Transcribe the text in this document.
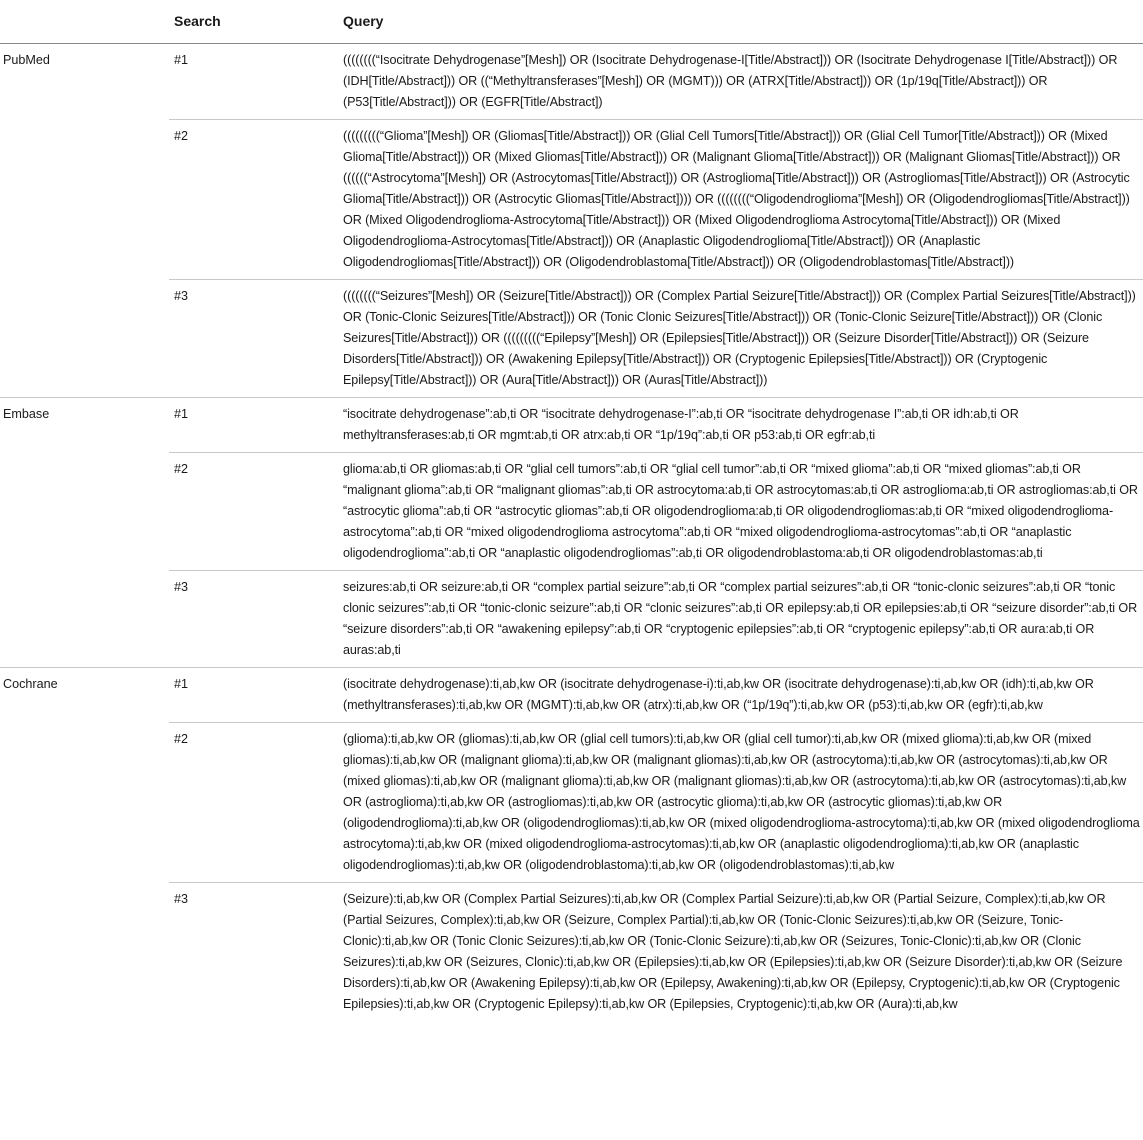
	Search	Query
PubMed	#1	((((((((“Isocitrate Dehydrogenase”[Mesh]) OR (Isocitrate Dehydrogenase-I[Title/Abstract])) OR (Isocitrate Dehydrogenase I[Title/Abstract])) OR (IDH[Title/Abstract])) OR ((“Methyltransferases”[Mesh]) OR (MGMT))) OR (ATRX[Title/Abstract])) OR (1p/19q[Title/Abstract])) OR (P53[Title/Abstract])) OR (EGFR[Title/Abstract])
	#2	(((((((((“Glioma”[Mesh]) OR (Gliomas[Title/Abstract])) OR (Glial Cell Tumors[Title/Abstract])) OR (Glial Cell Tumor[Title/Abstract])) OR (Mixed Glioma[Title/Abstract])) OR (Mixed Gliomas[Title/Abstract])) OR (Malignant Glioma[Title/Abstract])) OR (Malignant Gliomas[Title/Abstract])) OR ((((((“Astrocytoma”[Mesh]) OR (Astrocytomas[Title/Abstract])) OR (Astroglioma[Title/Abstract])) OR (Astrogliomas[Title/Abstract])) OR (Astrocytic Glioma[Title/Abstract])) OR (Astrocytic Gliomas[Title/Abstract]))) OR ((((((((“Oligodendroglioma”[Mesh]) OR (Oligodendrogliomas[Title/Abstract])) OR (Mixed Oligodendroglioma-Astrocytoma[Title/Abstract])) OR (Mixed Oligodendroglioma Astrocytoma[Title/Abstract])) OR (Mixed Oligodendroglioma-Astrocytomas[Title/Abstract])) OR (Anaplastic Oligodendroglioma[Title/Abstract])) OR (Anaplastic Oligodendrogliomas[Title/Abstract])) OR (Oligodendroblastoma[Title/Abstract])) OR (Oligodendroblastomas[Title/Abstract]))
	#3	((((((((“Seizures”[Mesh]) OR (Seizure[Title/Abstract])) OR (Complex Partial Seizure[Title/Abstract])) OR (Complex Partial Seizures[Title/Abstract])) OR (Tonic-Clonic Seizures[Title/Abstract])) OR (Tonic Clonic Seizures[Title/Abstract])) OR (Tonic-Clonic Seizure[Title/Abstract])) OR (Clonic Seizures[Title/Abstract])) OR (((((((((“Epilepsy”[Mesh]) OR (Epilepsies[Title/Abstract])) OR (Seizure Disorder[Title/Abstract])) OR (Seizure Disorders[Title/Abstract])) OR (Awakening Epilepsy[Title/Abstract])) OR (Cryptogenic Epilepsies[Title/Abstract])) OR (Cryptogenic Epilepsy[Title/Abstract])) OR (Aura[Title/Abstract])) OR (Auras[Title/Abstract]))
Embase	#1	“isocitrate dehydrogenase”:ab,ti OR “isocitrate dehydrogenase-I”:ab,ti OR “isocitrate dehydrogenase I”:ab,ti OR idh:ab,ti OR methyltransferases:ab,ti OR mgmt:ab,ti OR atrx:ab,ti OR “1p/19q”:ab,ti OR p53:ab,ti OR egfr:ab,ti
	#2	glioma:ab,ti OR gliomas:ab,ti OR “glial cell tumors”:ab,ti OR “glial cell tumor”:ab,ti OR “mixed glioma”:ab,ti OR “mixed gliomas”:ab,ti OR “malignant glioma”:ab,ti OR “malignant gliomas”:ab,ti OR astrocytoma:ab,ti OR astrocytomas:ab,ti OR astroglioma:ab,ti OR astrogliomas:ab,ti OR “astrocytic glioma”:ab,ti OR “astrocytic gliomas”:ab,ti OR oligodendroglioma:ab,ti OR oligodendrogliomas:ab,ti OR “mixed oligodendroglioma-astrocytoma”:ab,ti OR “mixed oligodendroglioma astrocytoma”:ab,ti OR “mixed oligodendroglioma-astrocytomas”:ab,ti OR “anaplastic oligodendroglioma”:ab,ti OR “anaplastic oligodendrogliomas”:ab,ti OR oligodendroblastoma:ab,ti OR oligodendroblastomas:ab,ti
	#3	seizures:ab,ti OR seizure:ab,ti OR “complex partial seizure”:ab,ti OR “complex partial seizures”:ab,ti OR “tonic-clonic seizures”:ab,ti OR “tonic clonic seizures”:ab,ti OR “tonic-clonic seizure”:ab,ti OR “clonic seizures”:ab,ti OR epilepsy:ab,ti OR epilepsies:ab,ti OR “seizure disorder”:ab,ti OR “seizure disorders”:ab,ti OR “awakening epilepsy”:ab,ti OR “cryptogenic epilepsies”:ab,ti OR “cryptogenic epilepsy”:ab,ti OR aura:ab,ti OR auras:ab,ti
Cochrane	#1	(isocitrate dehydrogenase):ti,ab,kw OR (isocitrate dehydrogenase-i):ti,ab,kw OR (isocitrate dehydrogenase):ti,ab,kw OR (idh):ti,ab,kw OR (methyltransferases):ti,ab,kw OR (MGMT):ti,ab,kw OR (atrx):ti,ab,kw OR (“1p/19q”):ti,ab,kw OR (p53):ti,ab,kw OR (egfr):ti,ab,kw
	#2	(glioma):ti,ab,kw OR (gliomas):ti,ab,kw OR (glial cell tumors):ti,ab,kw OR (glial cell tumor):ti,ab,kw OR (mixed glioma):ti,ab,kw OR (mixed gliomas):ti,ab,kw OR (malignant glioma):ti,ab,kw OR (malignant gliomas):ti,ab,kw OR (astrocytoma):ti,ab,kw OR (astrocytomas):ti,ab,kw OR (mixed gliomas):ti,ab,kw OR (malignant glioma):ti,ab,kw OR (malignant gliomas):ti,ab,kw OR (astrocytoma):ti,ab,kw OR (astrocytomas):ti,ab,kw OR (astroglioma):ti,ab,kw OR (astrogliomas):ti,ab,kw OR (astrocytic glioma):ti,ab,kw OR (astrocytic gliomas):ti,ab,kw OR (oligodendroglioma):ti,ab,kw OR (oligodendrogliomas):ti,ab,kw OR (mixed oligodendroglioma-astrocytoma):ti,ab,kw OR (mixed oligodendroglioma astrocytoma):ti,ab,kw OR (mixed oligodendroglioma-astrocytomas):ti,ab,kw OR (anaplastic oligodendroglioma):ti,ab,kw OR (anaplastic oligodendrogliomas):ti,ab,kw OR (oligodendroblastoma):ti,ab,kw OR (oligodendroblastomas):ti,ab,kw
	#3	(Seizure):ti,ab,kw OR (Complex Partial Seizures):ti,ab,kw OR (Complex Partial Seizure):ti,ab,kw OR (Partial Seizure, Complex):ti,ab,kw OR (Partial Seizures, Complex):ti,ab,kw OR (Seizure, Complex Partial):ti,ab,kw OR (Tonic-Clonic Seizures):ti,ab,kw OR (Seizure, Tonic-Clonic):ti,ab,kw OR (Tonic Clonic Seizures):ti,ab,kw OR (Tonic-Clonic Seizure):ti,ab,kw OR (Seizures, Tonic-Clonic):ti,ab,kw OR (Clonic Seizures):ti,ab,kw OR (Seizures, Clonic):ti,ab,kw OR (Epilepsies):ti,ab,kw OR (Epilepsies):ti,ab,kw OR (Seizure Disorder):ti,ab,kw OR (Seizure Disorders):ti,ab,kw OR (Awakening Epilepsy):ti,ab,kw OR (Epilepsy, Awakening):ti,ab,kw OR (Epilepsy, Cryptogenic):ti,ab,kw OR (Cryptogenic Epilepsies):ti,ab,kw OR (Cryptogenic Epilepsy):ti,ab,kw OR (Epilepsies, Cryptogenic):ti,ab,kw OR (Aura):ti,ab,kw
